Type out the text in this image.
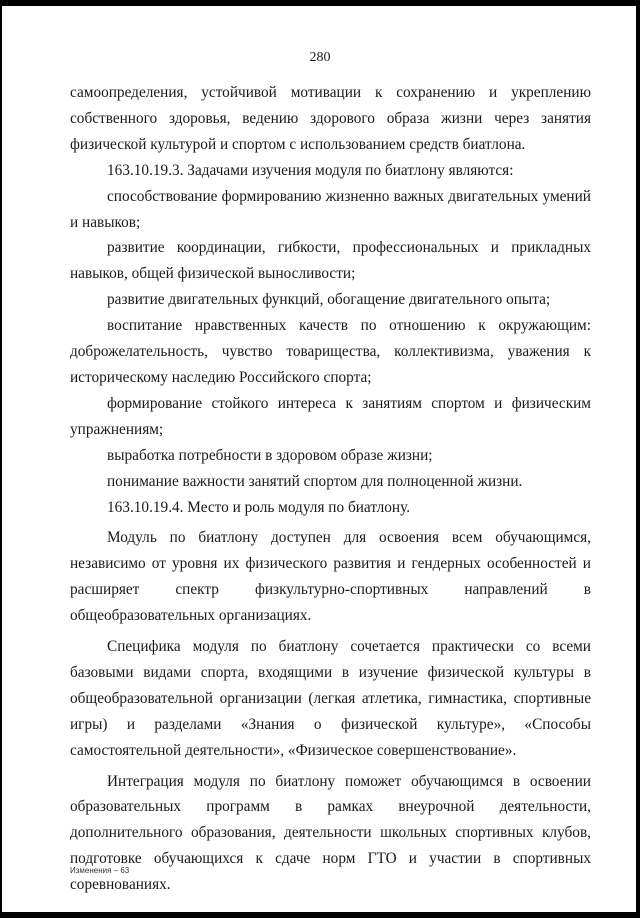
280

самоопределения, устойчивой мотивации к сохранению и укреплению собственного здоровья, ведению здорового образа жизни через занятия физической культурой и спортом с использованием средств биатлона.

163.10.19.3. Задачами изучения модуля по биатлону являются:

способствование формированию жизненно важных двигательных умений и навыков;

развитие координации, гибкости, профессиональных и прикладных навыков, общей физической выносливости;

развитие двигательных функций, обогащение двигательного опыта;

воспитание нравственных качеств по отношению к окружающим: доброжелательность, чувство товарищества, коллективизма, уважения к историческому наследию Российского спорта;

формирование стойкого интереса к занятиям спортом и физическим упражнениям;

выработка потребности в здоровом образе жизни;

понимание важности занятий спортом для полноценной жизни.

163.10.19.4. Место и роль модуля по биатлону.

Модуль по биатлону доступен для освоения всем обучающимся, независимо от уровня их физического развития и гендерных особенностей и расширяет спектр физкультурно-спортивных направлений в общеобразовательных организациях.

Специфика модуля по биатлону сочетается практически со всеми базовыми видами спорта, входящими в изучение физической культуры в общеобразовательной организации (легкая атлетика, гимнастика, спортивные игры) и разделами «Знания о физической культуре», «Способы самостоятельной деятельности», «Физическое совершенствование».

Интеграция модуля по биатлону поможет обучающимся в освоении образовательных программ в рамках внеурочной деятельности, дополнительного образования, деятельности школьных спортивных клубов, подготовке обучающихся к сдаче норм ГТО и участии в спортивных соревнованиях.

Изменения – 63
